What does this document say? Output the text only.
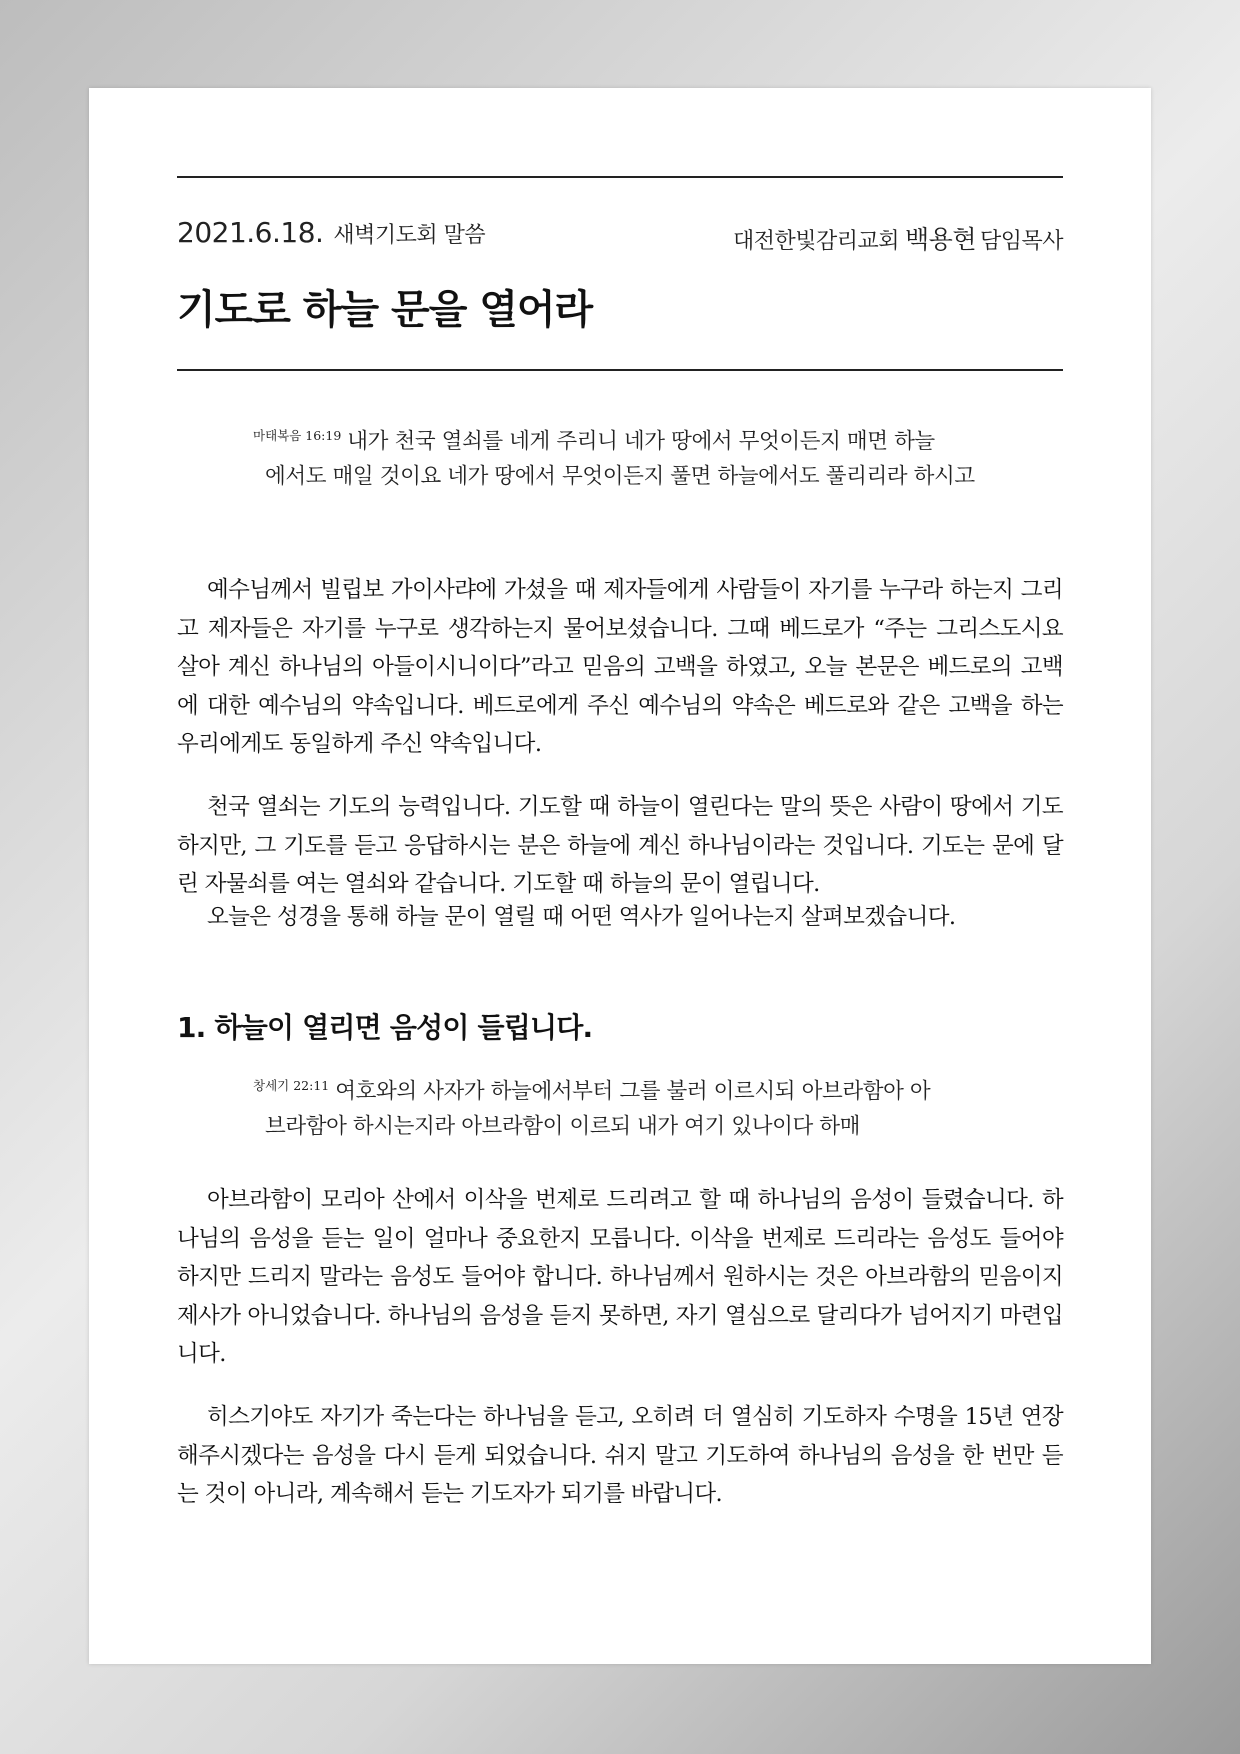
2021.6.18. 새벽기도회 말씀	대전한빛감리교회 백용현 담임목사
기도로 하늘 문을 열어라
$^{마태복음 16:19}$ 내가 천국 열쇠를 네게 주리니 네가 땅에서 무엇이든지 매면 하늘
에서도 매일 것이요 네가 땅에서 무엇이든지 풀면 하늘에서도 풀리리라 하시고

예수님께서 빌립보 가이사랴에 가셨을 때 제자들에게 사람들이 자기를 누구라 하는지 그리고 제자들은 자기를 누구로 생각하는지 물어보셨습니다. 그때 베드로가 “주는 그리스도시요 살아 계신 하나님의 아들이시니이다”라고 믿음의 고백을 하였고, 오늘 본문은 베드로의 고백에 대한 예수님의 약속입니다. 베드로에게 주신 예수님의 약속은 베드로와 같은 고백을 하는 우리에게도 동일하게 주신 약속입니다.

천국 열쇠는 기도의 능력입니다. 기도할 때 하늘이 열린다는 말의 뜻은 사람이 땅에서 기도하지만, 그 기도를 듣고 응답하시는 분은 하늘에 계신 하나님이라는 것입니다. 기도는 문에 달린 자물쇠를 여는 열쇠와 같습니다. 기도할 때 하늘의 문이 열립니다.

오늘은 성경을 통해 하늘 문이 열릴 때 어떤 역사가 일어나는지 살펴보겠습니다.

1. 하늘이 열리면 음성이 들립니다.
$^{창세기 22:11}$ 여호와의 사자가 하늘에서부터 그를 불러 이르시되 아브라함아 아
브라함아 하시는지라 아브라함이 이르되 내가 여기 있나이다 하매

아브라함이 모리아 산에서 이삭을 번제로 드리려고 할 때 하나님의 음성이 들렸습니다. 하나님의 음성을 듣는 일이 얼마나 중요한지 모릅니다. 이삭을 번제로 드리라는 음성도 들어야 하지만 드리지 말라는 음성도 들어야 합니다. 하나님께서 원하시는 것은 아브라함의 믿음이지 제사가 아니었습니다. 하나님의 음성을 듣지 못하면, 자기 열심으로 달리다가 넘어지기 마련입니다.

히스기야도 자기가 죽는다는 하나님을 듣고, 오히려 더 열심히 기도하자 수명을 15년 연장해주시겠다는 음성을 다시 듣게 되었습니다. 쉬지 말고 기도하여 하나님의 음성을 한 번만 듣는 것이 아니라, 계속해서 듣는 기도자가 되기를 바랍니다.
